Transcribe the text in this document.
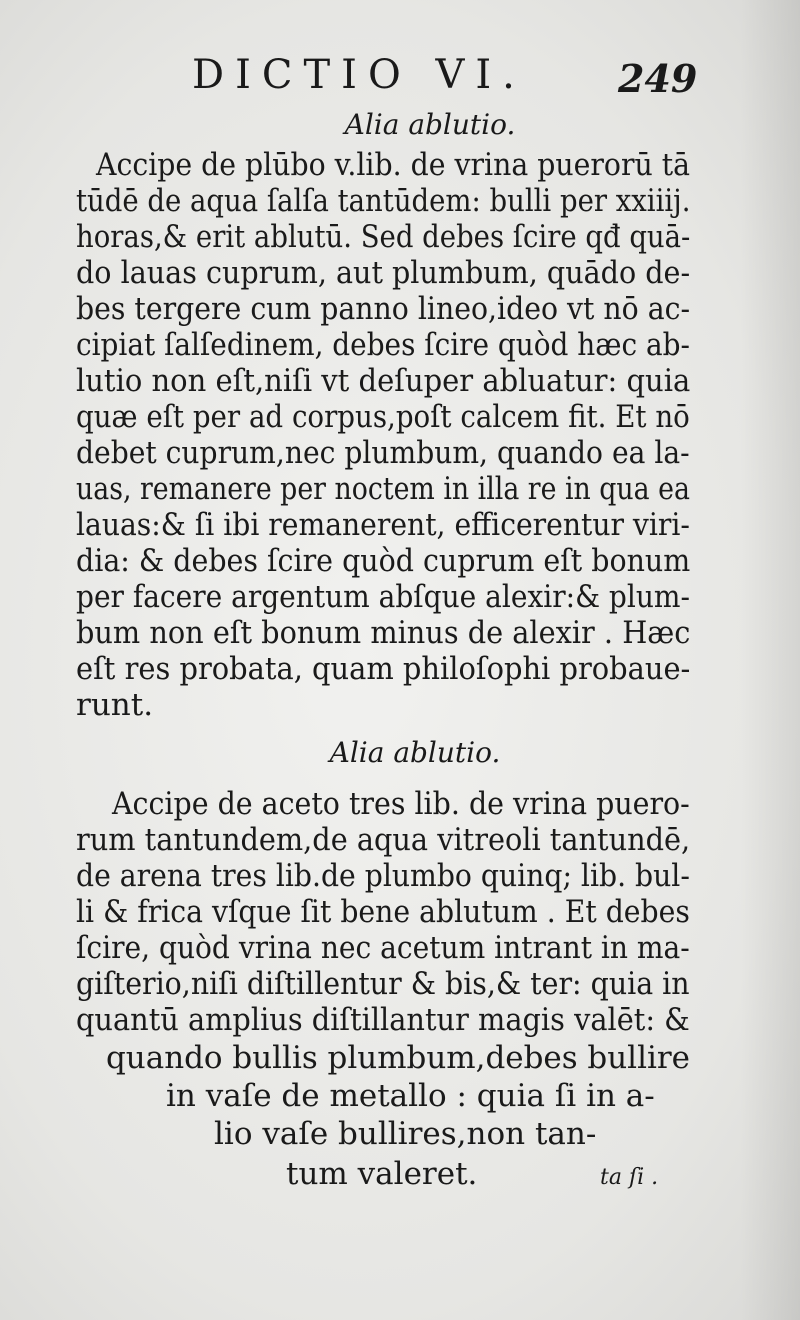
DICTIO VI. 249
Alia ablutio.
Accipe de plūbo v.lib. de vrina puerorū tā
tūdē de aqua ſalſa tantūdem: bulli per xxiiij.
horas,& erit ablutū. Sed debes ſcire qđ quā-
do lauas cuprum, aut plumbum, quādo de-
bes tergere cum panno lineo,ideo vt nō ac-
cipiat ſalſedinem, debes ſcire quòd hæc ab-
lutio non eſt,niſi vt deſuper abluatur: quia
quæ eſt per ad corpus,poſt calcem fit. Et nō
debet cuprum,nec plumbum, quando ea la-
uas, remanere per noctem in illa re in qua ea
lauas:& ſi ibi remanerent, efficerentur viri-
dia: & debes ſcire quòd cuprum eſt bonum
per facere argentum abſque alexir:& plum-
bum non eſt bonum minus de alexir . Hæc
eſt res probata, quam philoſophi probaue-
runt.
Alia ablutio.
Accipe de aceto tres lib. de vrina puero-
rum tantundem,de aqua vitreoli tantundē,
de arena tres lib.de plumbo quinq; lib. bul-
li & frica vſque ſit bene ablutum . Et debes
ſcire, quòd vrina nec acetum intrant in ma-
giſterio,niſi diſtillentur & bis,& ter: quia in
quantū amplius diſtillantur magis valēt: &
quando bullis plumbum,debes bullire
in vaſe de metallo : quia ſi in a-
lio vaſe bullires,non tan-
tum valeret.	ta ſi .
